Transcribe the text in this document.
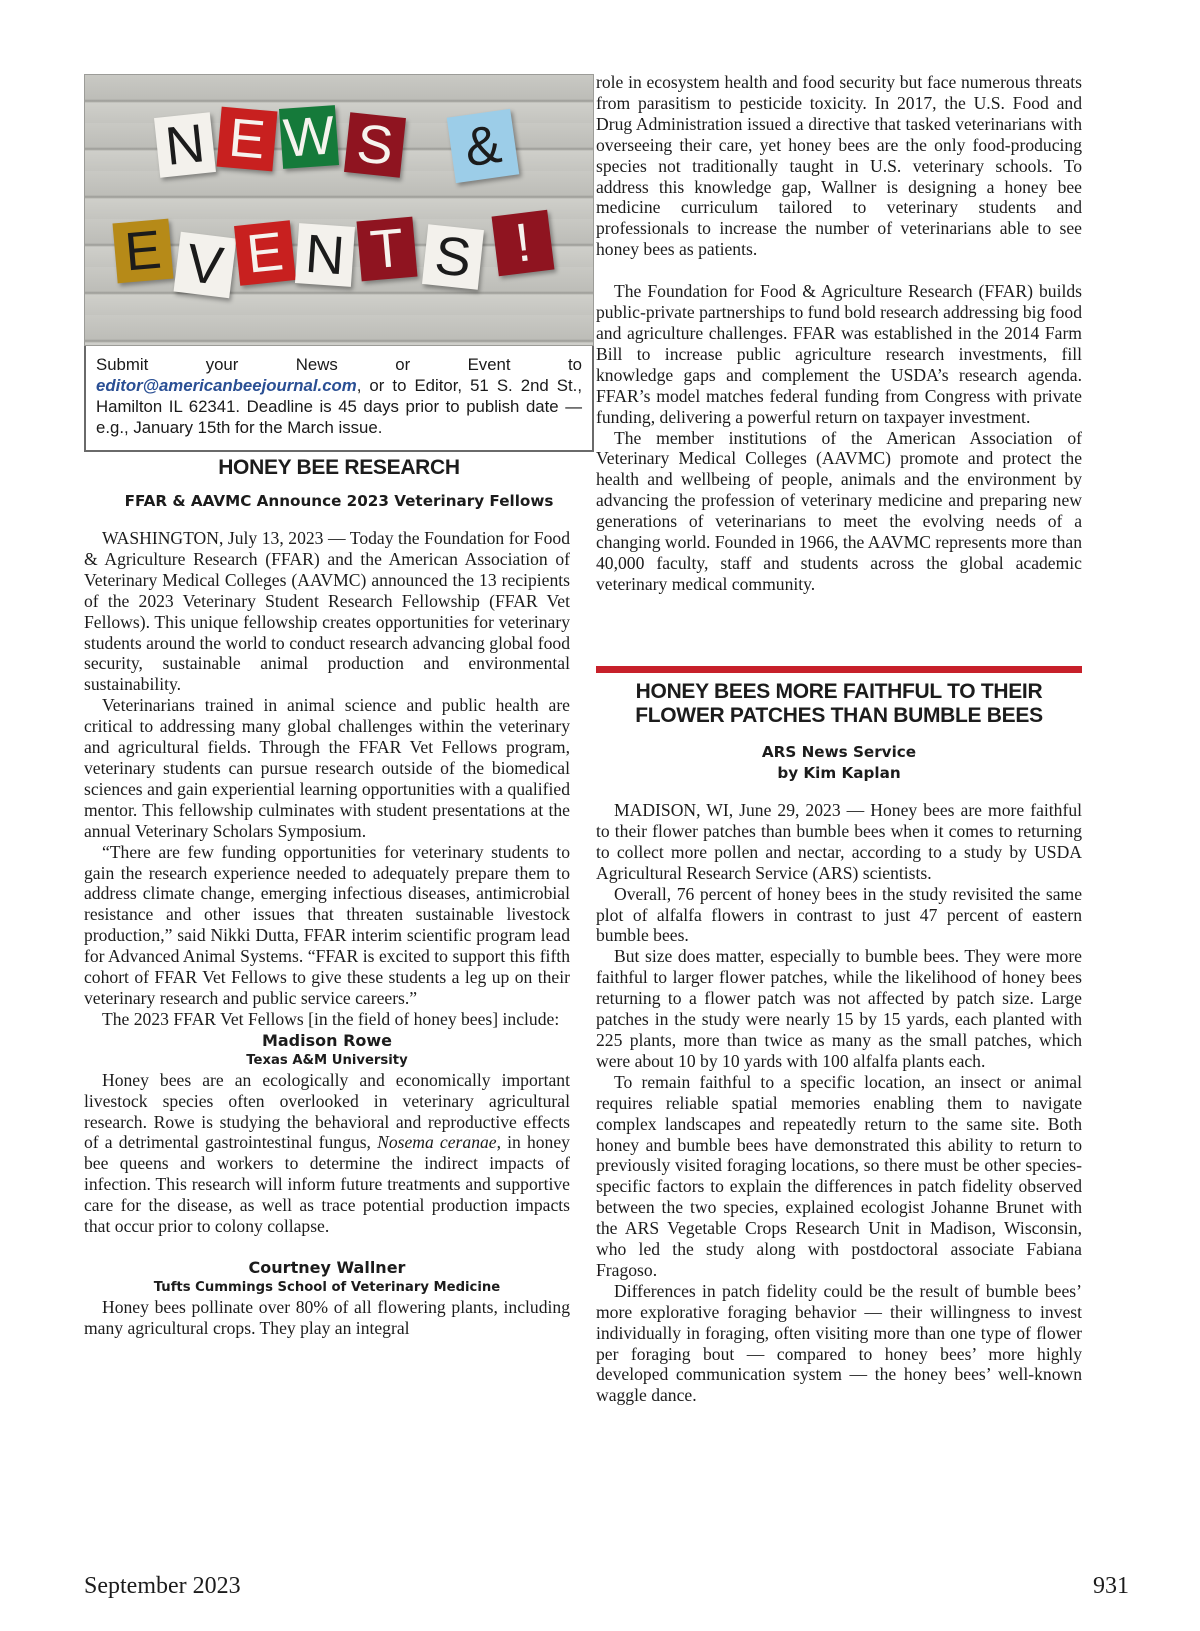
N E W S &
E V E N T S !
Submit your News or Event to editor@americanbeejournal.com, or to Editor, 51 S. 2nd St., Hamilton IL 62341. Deadline is 45 days prior to publish date — e.g., January 15th for the March issue.
HONEY BEE RESEARCH
FFAR & AAVMC Announce 2023 Veterinary Fellows

WASHINGTON, July 13, 2023 — Today the Foundation for Food & Agriculture Research (FFAR) and the American Association of Veterinary Medical Colleges (AAVMC) announced the 13 recipients of the 2023 Veterinary Student Research Fellowship (FFAR Vet Fellows). This unique fellowship creates opportunities for veterinary students around the world to conduct research advancing global food security, sustainable animal production and environmental sustainability.

Veterinarians trained in animal science and public health are critical to addressing many global challenges within the veterinary and agricultural fields. Through the FFAR Vet Fellows program, veterinary students can pursue research outside of the biomedical sciences and gain experiential learning opportunities with a qualified mentor. This fellowship culminates with student presentations at the annual Veterinary Scholars Symposium.

“There are few funding opportunities for veterinary students to gain the research experience needed to adequately prepare them to address climate change, emerging infectious diseases, antimicrobial resistance and other issues that threaten sustainable livestock production,” said Nikki Dutta, FFAR interim scientific program lead for Advanced Animal Systems. “FFAR is excited to support this fifth cohort of FFAR Vet Fellows to give these students a leg up on their veterinary research and public service careers.”

The 2023 FFAR Vet Fellows [in the field of honey bees] include:

Madison Rowe

Texas A&M University

Honey bees are an ecologically and economically important livestock species often overlooked in veterinary agricultural research. Rowe is studying the behavioral and reproductive effects of a detrimental gastrointestinal fungus, Nosema ceranae, in honey bee queens and workers to determine the indirect impacts of infection. This research will inform future treatments and supportive care for the disease, as well as trace potential production impacts that occur prior to colony collapse.

Courtney Wallner

Tufts Cummings School of Veterinary Medicine

Honey bees pollinate over 80% of all flowering plants, including many agricultural crops. They play an integral

role in ecosystem health and food security but face numerous threats from parasitism to pesticide toxicity. In 2017, the U.S. Food and Drug Administration issued a directive that tasked veterinarians with overseeing their care, yet honey bees are the only food-producing species not traditionally taught in U.S. veterinary schools. To address this knowledge gap, Wallner is designing a honey bee medicine curriculum tailored to veterinary students and professionals to increase the number of veterinarians able to see honey bees as patients.

The Foundation for Food & Agriculture Research (FFAR) builds public-private partnerships to fund bold research addressing big food and agriculture challenges. FFAR was established in the 2014 Farm Bill to increase public agriculture research investments, fill knowledge gaps and complement the USDA’s research agenda. FFAR’s model matches federal funding from Congress with private funding, delivering a powerful return on taxpayer investment.

The member institutions of the American Association of Veterinary Medical Colleges (AAVMC) promote and protect the health and wellbeing of people, animals and the environment by advancing the profession of veterinary medicine and preparing new generations of veterinarians to meet the evolving needs of a changing world. Founded in 1966, the AAVMC represents more than 40,000 faculty, staff and students across the global academic veterinary medical community.

HONEY BEES MORE FAITHFUL TO THEIR
FLOWER PATCHES THAN BUMBLE BEES
ARS News Service
by Kim Kaplan

MADISON, WI, June 29, 2023 — Honey bees are more faithful to their flower patches than bumble bees when it comes to returning to collect more pollen and nectar, according to a study by USDA Agricultural Research Service (ARS) scientists.

Overall, 76 percent of honey bees in the study revisited the same plot of alfalfa flowers in contrast to just 47 percent of eastern bumble bees.

But size does matter, especially to bumble bees. They were more faithful to larger flower patches, while the likelihood of honey bees returning to a flower patch was not affected by patch size. Large patches in the study were nearly 15 by 15 yards, each planted with 225 plants, more than twice as many as the small patches, which were about 10 by 10 yards with 100 alfalfa plants each.

To remain faithful to a specific location, an insect or animal requires reliable spatial memories enabling them to navigate complex landscapes and repeatedly return to the same site. Both honey and bumble bees have demonstrated this ability to return to previously visited foraging locations, so there must be other species-specific factors to explain the differences in patch fidelity observed between the two species, explained ecologist Johanne Brunet with the ARS Vegetable Crops Research Unit in Madison, Wisconsin, who led the study along with postdoctoral associate Fabiana Fragoso.

Differences in patch fidelity could be the result of bumble bees’ more explorative foraging behavior — their willingness to invest individually in foraging, often visiting more than one type of flower per foraging bout — compared to honey bees’ more highly developed communication system — the honey bees’ well-known waggle dance.

September 2023	931
